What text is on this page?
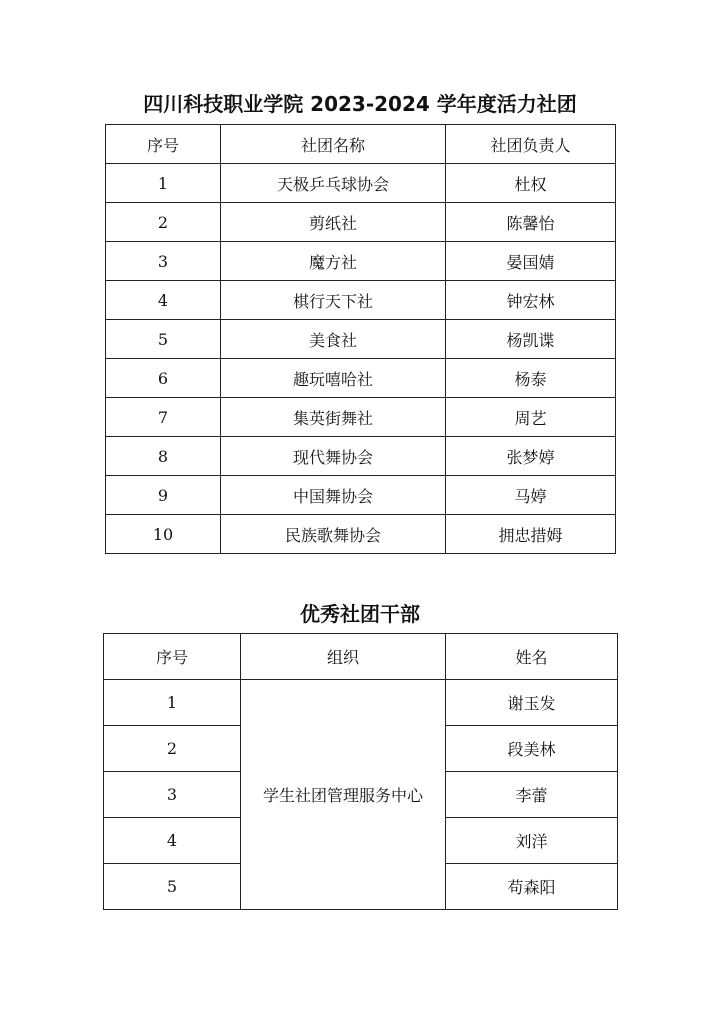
四川科技职业学院 2023-2024 学年度活力社团
序号	社团名称	社团负责人
1	天极乒乓球协会	杜权
2	剪纸社	陈馨怡
3	魔方社	晏国婧
4	棋行天下社	钟宏林
5	美食社	杨凯谍
6	趣玩嘻哈社	杨泰
7	集英街舞社	周艺
8	现代舞协会	张梦婷
9	中国舞协会	马婷
10	民族歌舞协会	拥忠措姆
优秀社团干部
序号	组织	姓名
1	学生社团管理服务中心	谢玉发
2		段美林
3		李蕾
4		刘洋
5		苟森阳
